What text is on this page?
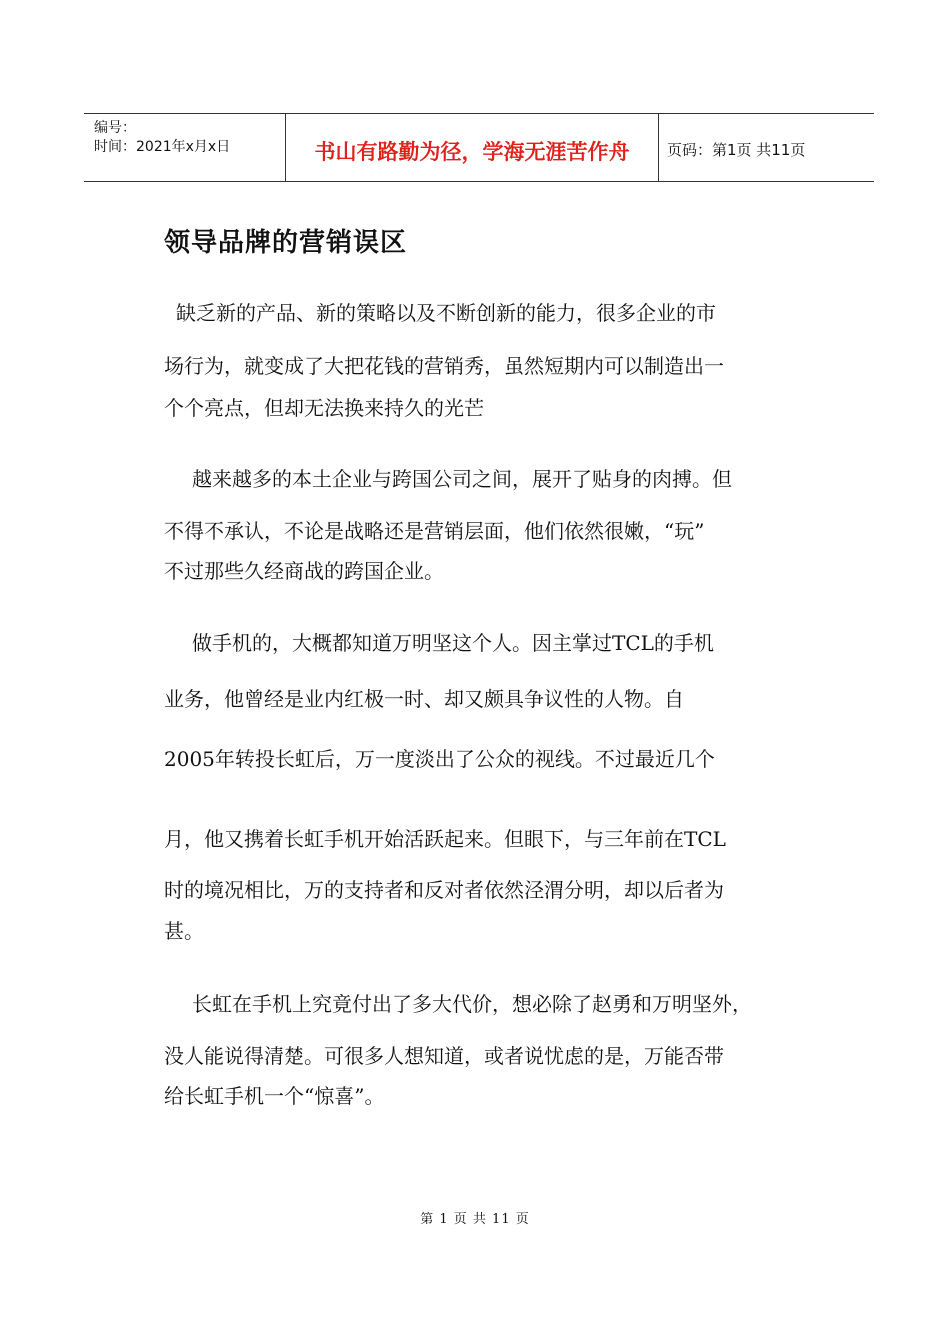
编号：
时间：2021年x月x日	书山有路勤为径，学海无涯苦作舟	页码：第1页 共11页
领导品牌的营销误区
缺乏新的产品、新的策略以及不断创新的能力，很多企业的市
场行为，就变成了大把花钱的营销秀，虽然短期内可以制造出一
个个亮点，但却无法换来持久的光芒
越来越多的本土企业与跨国公司之间，展开了贴身的肉搏。但
不得不承认，不论是战略还是营销层面，他们依然很嫩，“玩”
不过那些久经商战的跨国企业。
做手机的，大概都知道万明坚这个人。因主掌过TCL的手机
业务，他曾经是业内红极一时、却又颇具争议性的人物。自
2005年转投长虹后，万一度淡出了公众的视线。不过最近几个
月，他又携着长虹手机开始活跃起来。但眼下，与三年前在TCL
时的境况相比，万的支持者和反对者依然泾渭分明，却以后者为
甚。
长虹在手机上究竟付出了多大代价，想必除了赵勇和万明坚外，
没人能说得清楚。可很多人想知道，或者说忧虑的是，万能否带
给长虹手机一个“惊喜”。
第 1 页 共 11 页
